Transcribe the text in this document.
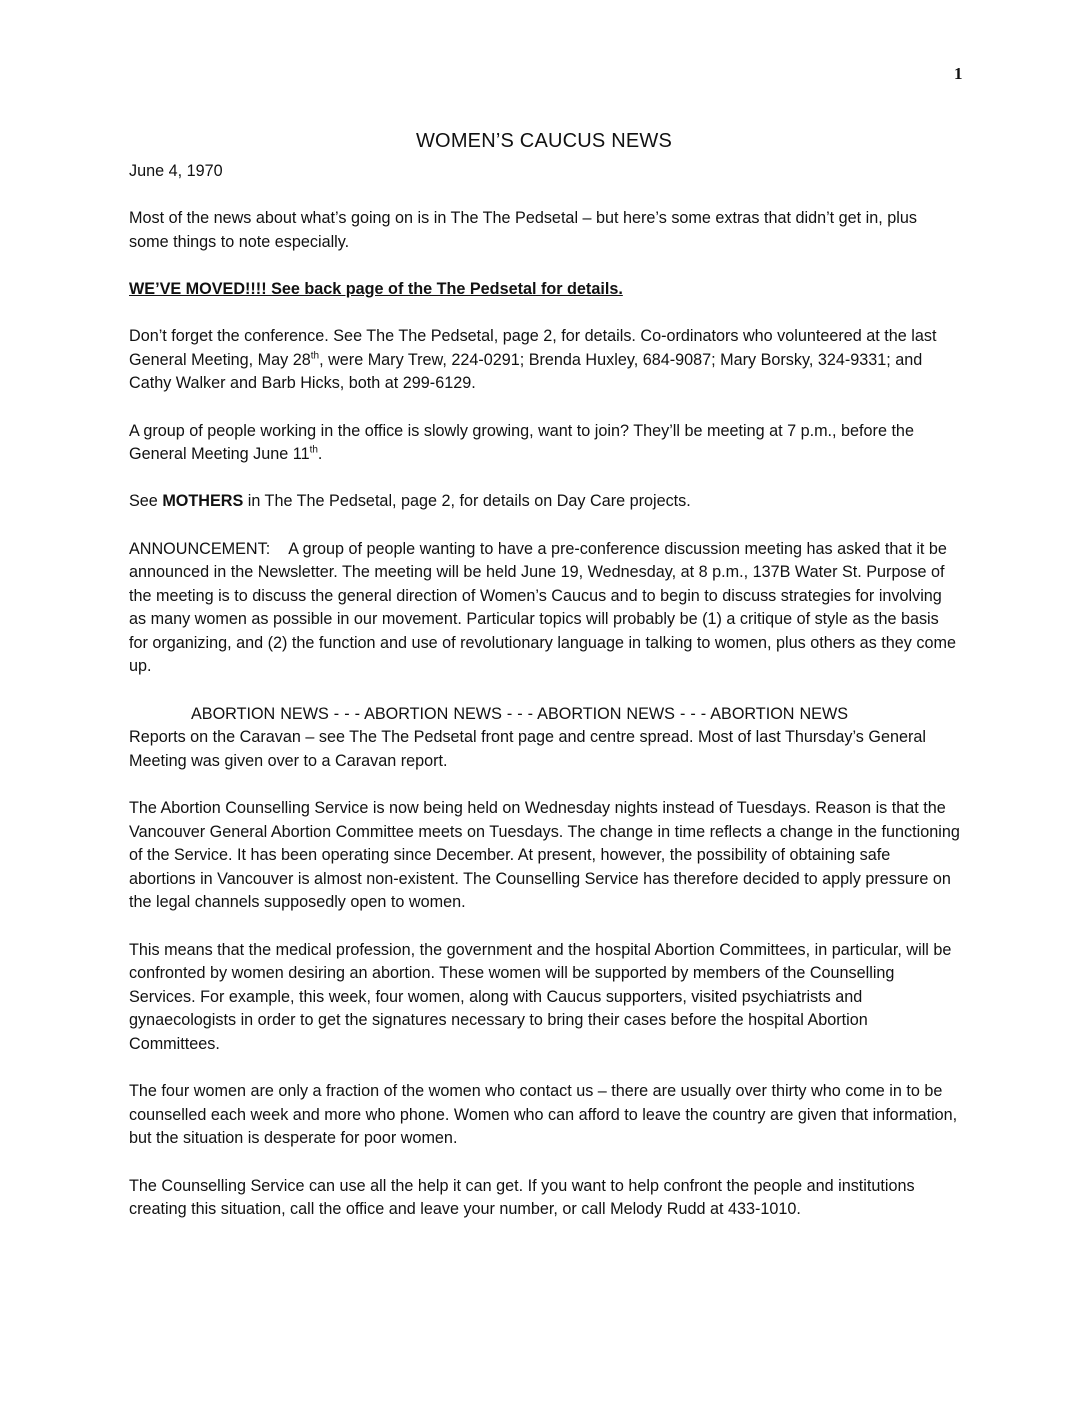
1
WOMEN’S CAUCUS NEWS
June 4, 1970

Most of the news about what’s going on is in The The Pedsetal – but here’s some extras that didn’t get in, plus some things to note especially.

WE’VE MOVED!!!! See back page of the The Pedsetal for details.

Don’t forget the conference. See The The Pedsetal, page 2, for details. Co-ordinators who volunteered at the last General Meeting, May 28th, were Mary Trew, 224-0291; Brenda Huxley, 684-9087; Mary Borsky, 324-9331; and Cathy Walker and Barb Hicks, both at 299-6129.

A group of people working in the office is slowly growing, want to join? They’ll be meeting at 7 p.m., before the General Meeting June 11th.

See MOTHERS in The The Pedsetal, page 2, for details on Day Care projects.

ANNOUNCEMENT: A group of people wanting to have a pre-conference discussion meeting has asked that it be announced in the Newsletter. The meeting will be held June 19, Wednesday, at 8 p.m., 137B Water St. Purpose of the meeting is to discuss the general direction of Women’s Caucus and to begin to discuss strategies for involving as many women as possible in our movement. Particular topics will probably be (1) a critique of style as the basis for organizing, and (2) the function and use of revolutionary language in talking to women, plus others as they come up.

ABORTION NEWS - - - ABORTION NEWS - - - ABORTION NEWS - - - ABORTION NEWS

Reports on the Caravan – see The The Pedsetal front page and centre spread. Most of last Thursday’s General Meeting was given over to a Caravan report.

The Abortion Counselling Service is now being held on Wednesday nights instead of Tuesdays. Reason is that the Vancouver General Abortion Committee meets on Tuesdays. The change in time reflects a change in the functioning of the Service. It has been operating since December. At present, however, the possibility of obtaining safe abortions in Vancouver is almost non-existent. The Counselling Service has therefore decided to apply pressure on the legal channels supposedly open to women.

This means that the medical profession, the government and the hospital Abortion Committees, in particular, will be confronted by women desiring an abortion. These women will be supported by members of the Counselling Services. For example, this week, four women, along with Caucus supporters, visited psychiatrists and gynaecologists in order to get the signatures necessary to bring their cases before the hospital Abortion Committees.

The four women are only a fraction of the women who contact us – there are usually over thirty who come in to be counselled each week and more who phone. Women who can afford to leave the country are given that information, but the situation is desperate for poor women.

The Counselling Service can use all the help it can get. If you want to help confront the people and institutions creating this situation, call the office and leave your number, or call Melody Rudd at 433-1010.
